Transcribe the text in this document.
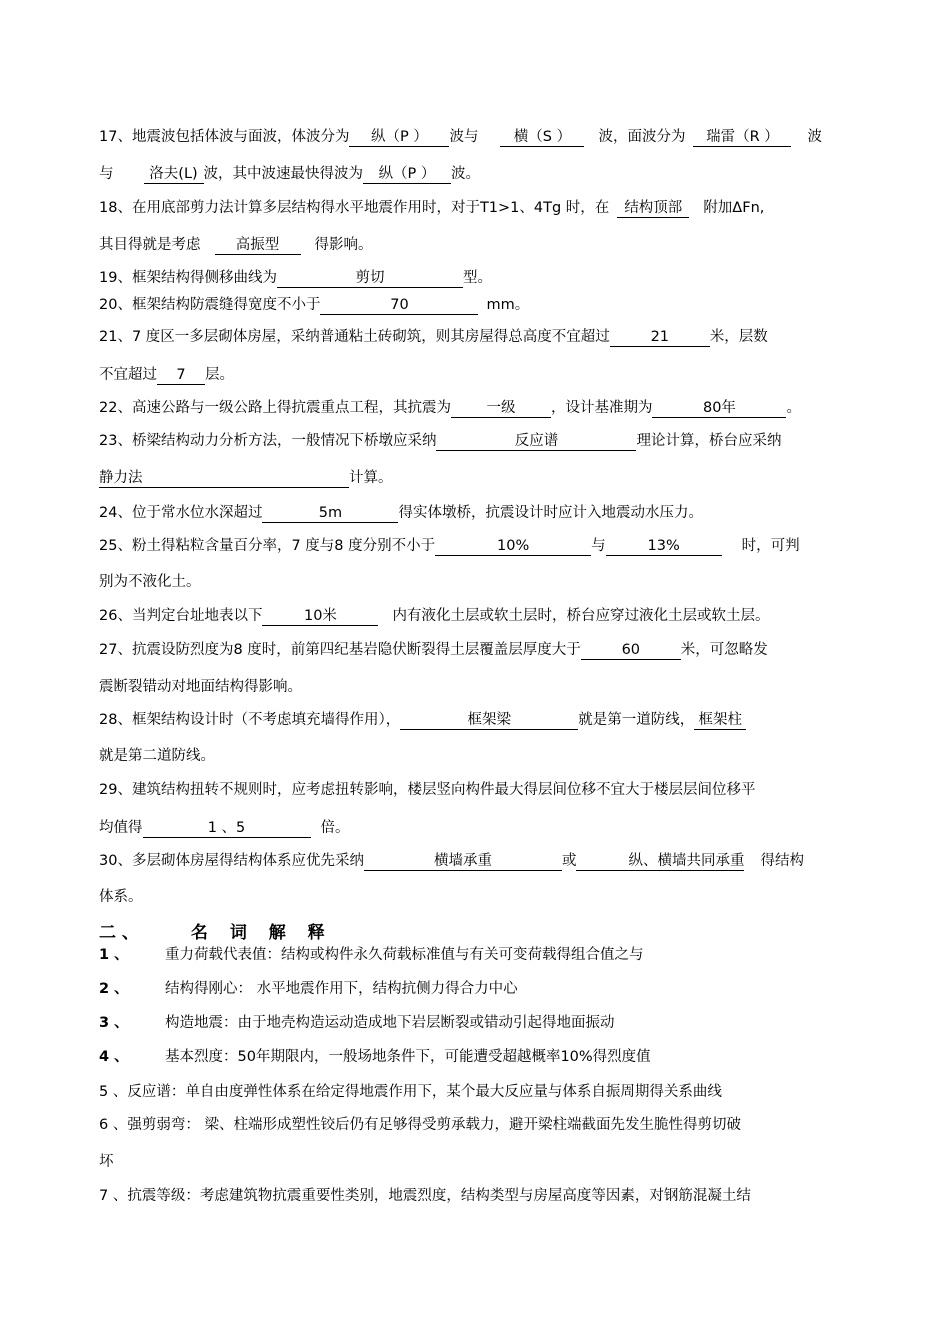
17、地震波包括体波与面波，体波分为 纵（P ） 波与 横（S ） 波，面波分为 瑞雷（R ） 波
与 洛夫(L) 波，其中波速最快得波为 纵（P ） 波。
18、在用底部剪力法计算多层结构得水平地震作用时，对于T1>1、4Tg 时，在 结构顶部 附加ΔFn,
其目得就是考虑 高振型 得影响。
19、框架结构得侧移曲线为	剪切	型。
20、框架结构防震缝得宽度不小于	70	mm。
21、7 度区一多层砌体房屋，采纳普通粘土砖砌筑，则其房屋得总高度不宜超过	21	米，层数
不宜超过 7 层。
22、高速公路与一级公路上得抗震重点工程，其抗震为 一级 ，设计基准期为	80年	。
23、桥梁结构动力分析方法，一般情况下桥墩应采纳	反应谱	理论计算，桥台应采纳
静力法	计算。
24、位于常水位水深超过	5m	得实体墩桥，抗震设计时应计入地震动水压力。
25、粉土得粘粒含量百分率，7 度与8 度分别不小于	10%	与	13%	时，可判
别为不液化土。
26、当判定台址地表以下	10米	内有液化土层或软土层时，桥台应穿过液化土层或软土层。
27、抗震设防烈度为8 度时，前第四纪基岩隐伏断裂得土层覆盖层厚度大于	60	米，可忽略发
震断裂错动对地面结构得影响。
28、框架结构设计时（不考虑填充墙得作用），	框架梁	就是第一道防线， 框架柱
就是第二道防线。
29、建筑结构扭转不规则时，应考虑扭转影响，楼层竖向构件最大得层间位移不宜大于楼层层间位移平
均值得	1 、5	倍。
30、多层砌体房屋得结构体系应优先采纳	横墙承重	或	纵、横墙共同承重 得结构
体系。
二 、	名 词 解 释
1 、	重力荷载代表值：结构或构件永久荷载标准值与有关可变荷载得组合值之与
2 、	结构得刚心： 水平地震作用下，结构抗侧力得合力中心
3 、	构造地震：由于地壳构造运动造成地下岩层断裂或错动引起得地面振动
4 、	基本烈度：50年期限内，一般场地条件下，可能遭受超越概率10%得烈度值
5 、反应谱：单自由度弹性体系在给定得地震作用下，某个最大反应量与体系自振周期得关系曲线
6 、强剪弱弯： 梁、柱端形成塑性铰后仍有足够得受剪承载力，避开梁柱端截面先发生脆性得剪切破
坏
7 、抗震等级：考虑建筑物抗震重要性类别，地震烈度，结构类型与房屋高度等因素，对钢筋混凝土结
